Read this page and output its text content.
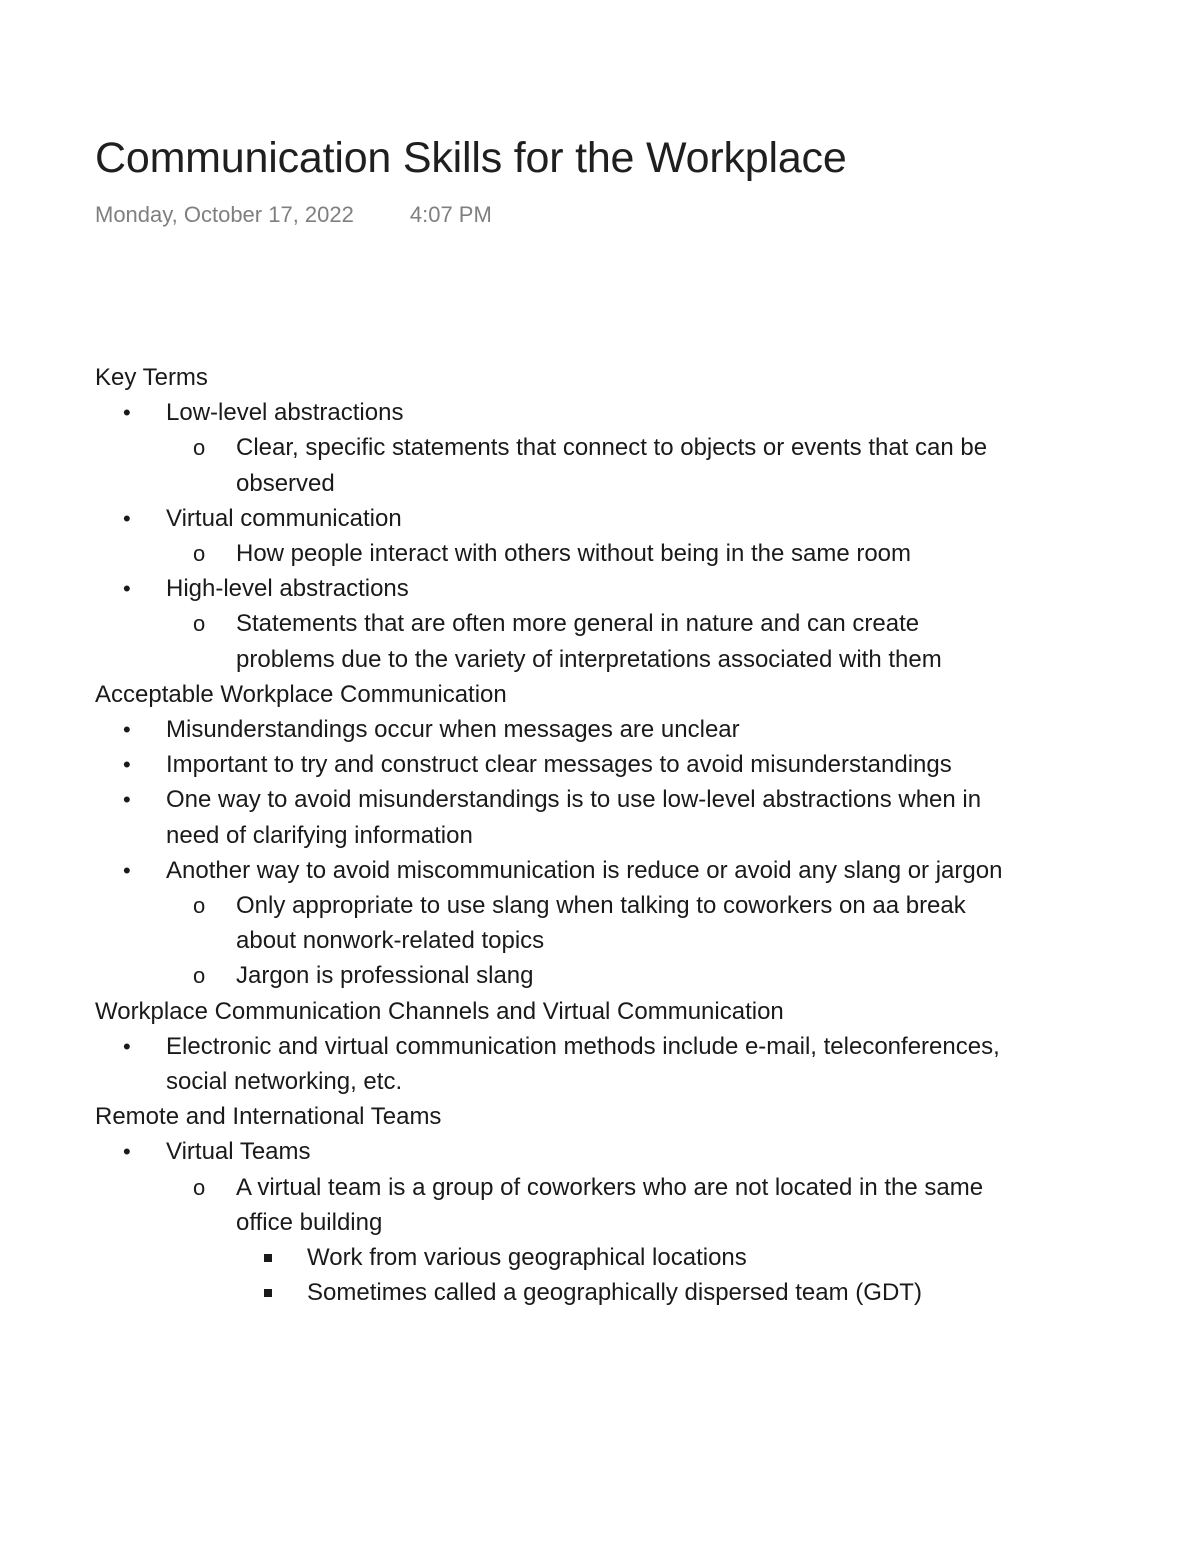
Communication Skills for the Workplace
Monday, October 17, 2022	4:07 PM
Key Terms
• Low-level abstractions
o Clear, specific statements that connect to objects or events that can be
observed
• Virtual communication
o How people interact with others without being in the same room
• High-level abstractions
o Statements that are often more general in nature and can create
problems due to the variety of interpretations associated with them
Acceptable Workplace Communication
• Misunderstandings occur when messages are unclear
• Important to try and construct clear messages to avoid misunderstandings
• One way to avoid misunderstandings is to use low-level abstractions when in
need of clarifying information
• Another way to avoid miscommunication is reduce or avoid any slang or jargon
o Only appropriate to use slang when talking to coworkers on aa break
about nonwork-related topics
o Jargon is professional slang
Workplace Communication Channels and Virtual Communication
• Electronic and virtual communication methods include e-mail, teleconferences,
social networking, etc.
Remote and International Teams
• Virtual Teams
o A virtual team is a group of coworkers who are not located in the same
office building
Work from various geographical locations
Sometimes called a geographically dispersed team (GDT)
